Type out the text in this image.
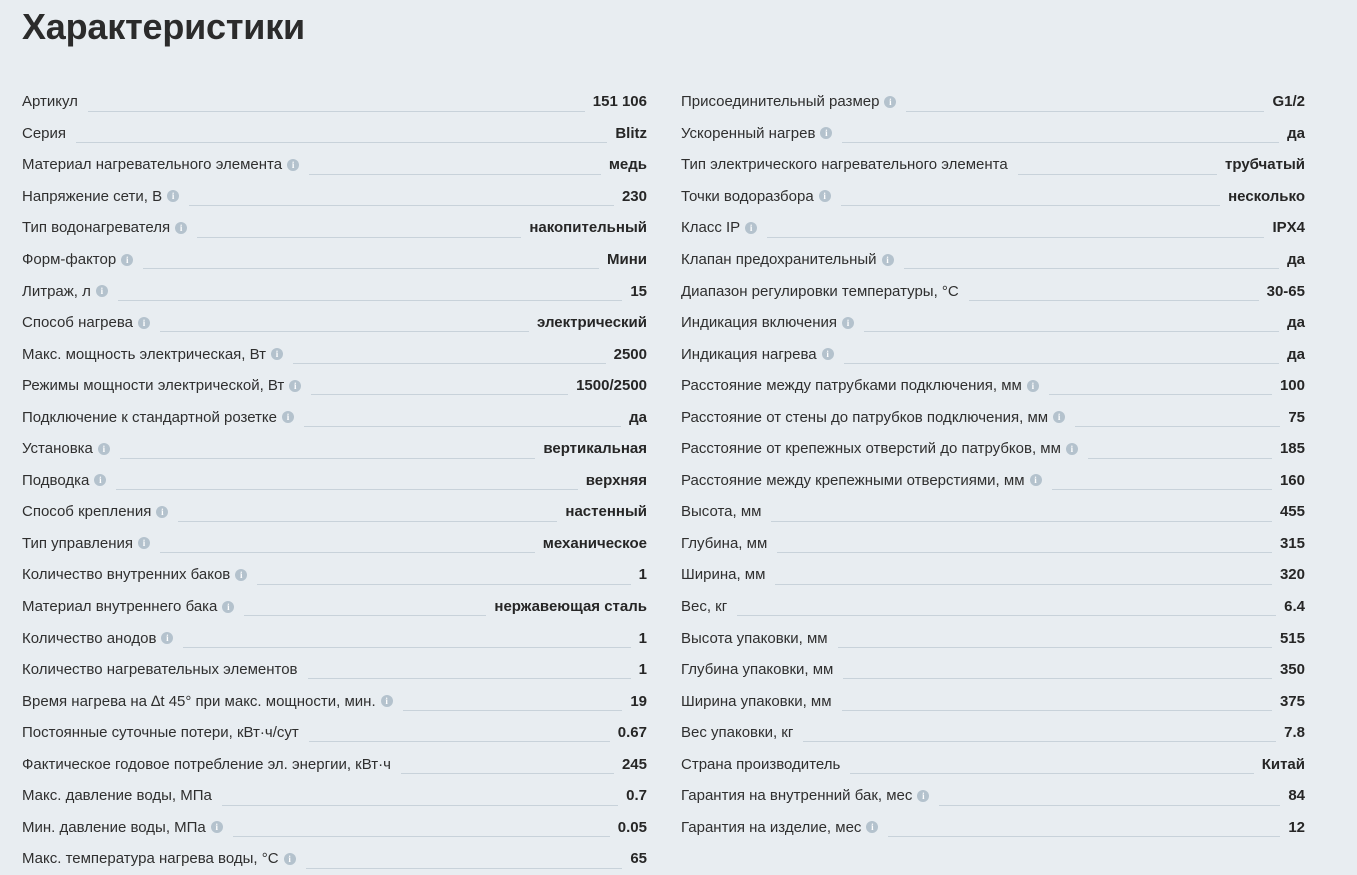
Характеристики
Артикул	151 106
Серия	Blitz
Материал нагревательного элемента	i	медь
Напряжение сети, В	i	230
Тип водонагревателя	i	накопительный
Форм-фактор	i	Мини
Литраж, л	i	15
Способ нагрева	i	электрический
Макс. мощность электрическая, Вт	i	2500
Режимы мощности электрической, Вт	i	1500/2500
Подключение к стандартной розетке	i	да
Установка	i	вертикальная
Подводка	i	верхняя
Способ крепления	i	настенный
Тип управления	i	механическое
Количество внутренних баков	i	1
Материал внутреннего бака	i	нержавеющая сталь
Количество анодов	i	1
Количество нагревательных элементов	1
Время нагрева на ∆t 45° при макс. мощности, мин.	i	19
Постоянные суточные потери, кВт·ч/сут	0.67
Фактическое годовое потребление эл. энергии, кВт·ч	245
Макс. давление воды, МПа	0.7
Мин. давление воды, МПа	i	0.05
Макс. температура нагрева воды, °С	i	65
Присоединительный размер	i	G1/2
Ускоренный нагрев	i	да
Тип электрического нагревательного элемента	трубчатый
Точки водоразбора	i	несколько
Класс IP	i	IPX4
Клапан предохранительный	i	да
Диапазон регулировки температуры, °С	30-65
Индикация включения	i	да
Индикация нагрева	i	да
Расстояние между патрубками подключения, мм	i	100
Расстояние от стены до патрубков подключения, мм	i	75
Расстояние от крепежных отверстий до патрубков, мм	i	185
Расстояние между крепежными отверстиями, мм	i	160
Высота, мм	455
Глубина, мм	315
Ширина, мм	320
Вес, кг	6.4
Высота упаковки, мм	515
Глубина упаковки, мм	350
Ширина упаковки, мм	375
Вес упаковки, кг	7.8
Страна производитель	Китай
Гарантия на внутренний бак, мес	i	84
Гарантия на изделие, мес	i	12
